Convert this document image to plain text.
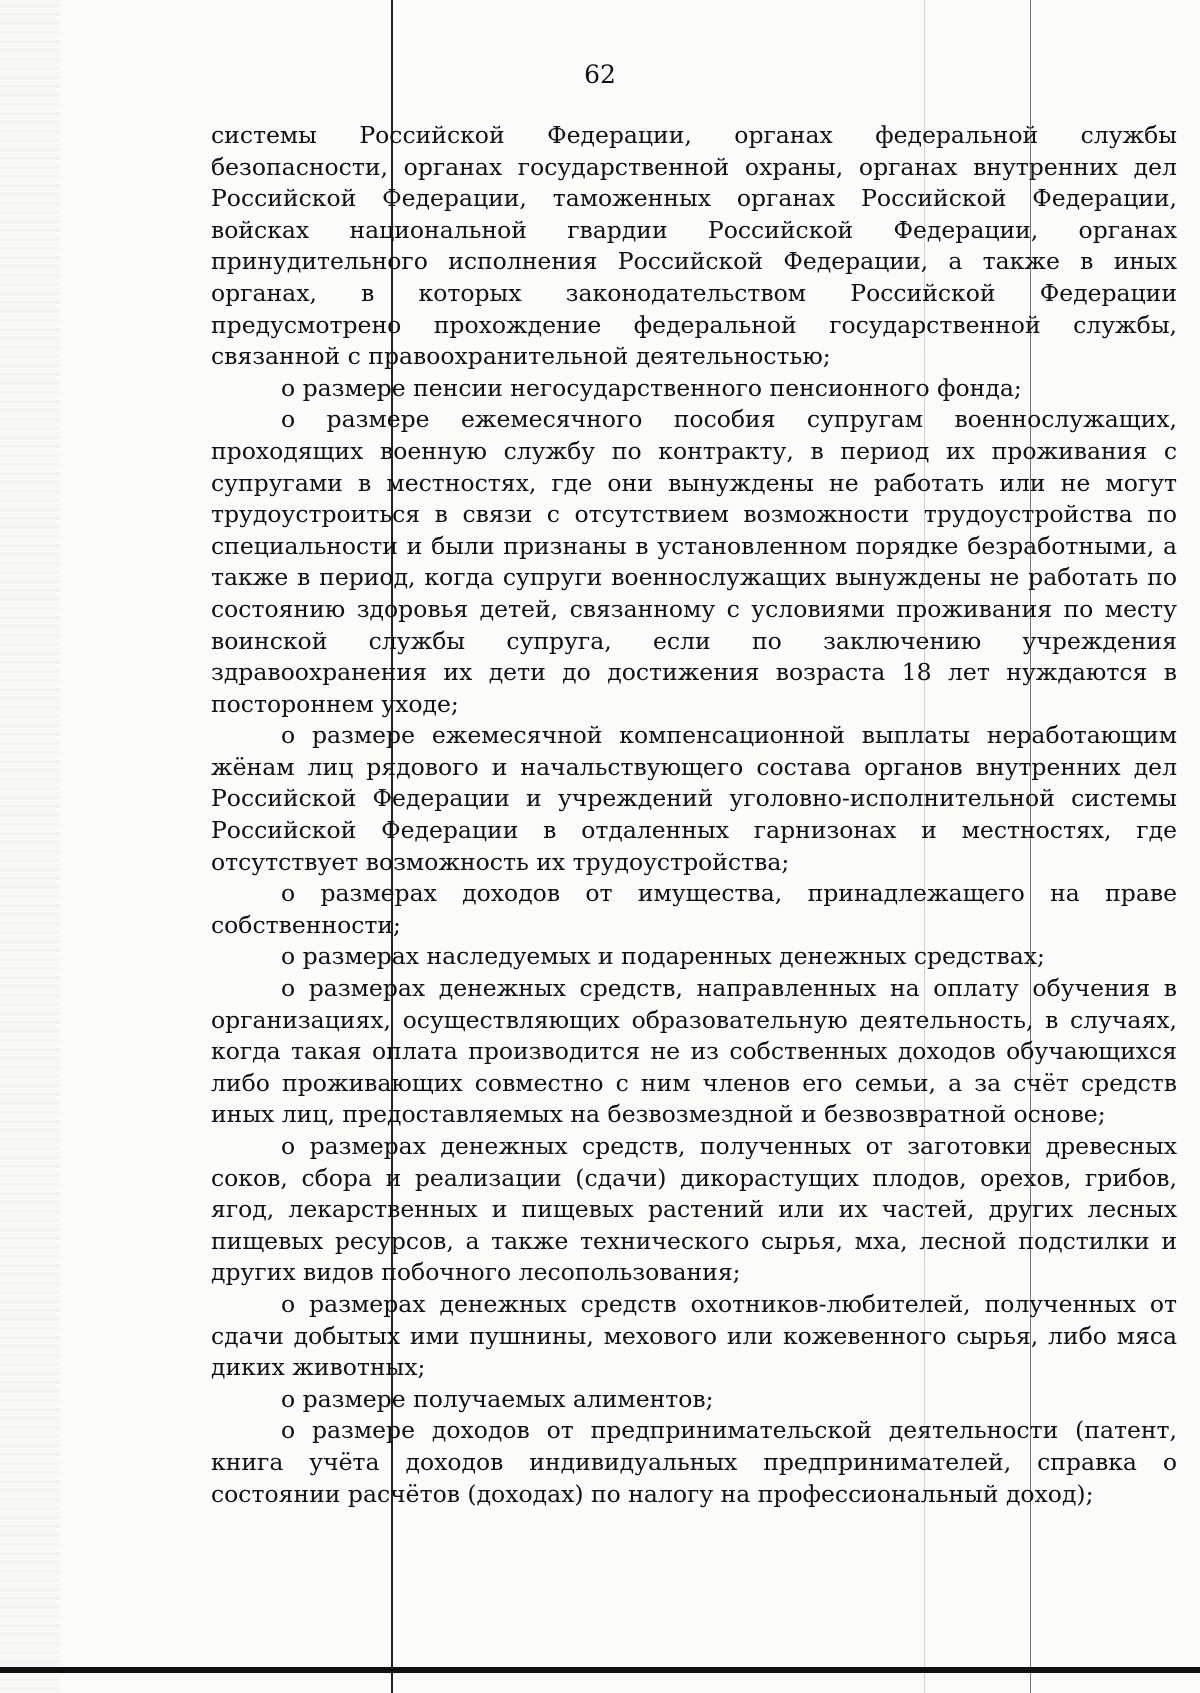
62

системы Российской Федерации, органах федеральной службы безопасности, органах государственной охраны, органах внутренних дел Российской Федерации, таможенных органах Российской Федерации, войсках национальной гвардии Российской Федерации, органах принудительного исполнения Российской Федерации, а также в иных органах, в которых законодательством Российской Федерации предусмотрено прохождение федеральной государственной службы, связанной с правоохранительной деятельностью;

о размере пенсии негосударственного пенсионного фонда;

о размере ежемесячного пособия супругам военнослужащих, проходящих военную службу по контракту, в период их проживания с супругами в местностях, где они вынуждены не работать или не могут трудоустроиться в связи с отсутствием возможности трудоустройства по специальности и были признаны в установленном порядке безработными, а также в период, когда супруги военнослужащих вынуждены не работать по состоянию здоровья детей, связанному с условиями проживания по месту воинской службы супруга, если по заключению учреждения здравоохранения их дети до достижения возраста 18 лет нуждаются в постороннем уходе;

о размере ежемесячной компенсационной выплаты неработающим жёнам лиц рядового и начальствующего состава органов внутренних дел Российской Федерации и учреждений уголовно-исполнительной системы Российской Федерации в отдаленных гарнизонах и местностях, где отсутствует возможность их трудоустройства;

о размерах доходов от имущества, принадлежащего на праве собственности;

о размерах наследуемых и подаренных денежных средствах;

о размерах денежных средств, направленных на оплату обучения в организациях, осуществляющих образовательную деятельность, в случаях, когда такая оплата производится не из собственных доходов обучающихся либо проживающих совместно с ним членов его семьи, а за счёт средств иных лиц, предоставляемых на безвозмездной и безвозвратной основе;

о размерах денежных средств, полученных от заготовки древесных соков, сбора и реализации (сдачи) дикорастущих плодов, орехов, грибов, ягод, лекарственных и пищевых растений или их частей, других лесных пищевых ресурсов, а также технического сырья, мха, лесной подстилки и других видов побочного лесопользования;

о размерах денежных средств охотников-любителей, полученных от сдачи добытых ими пушнины, мехового или кожевенного сырья, либо мяса диких животных;

о размере получаемых алиментов;

о размере доходов от предпринимательской деятельности (патент, книга учёта доходов индивидуальных предпринимателей, справка о состоянии расчётов (доходах) по налогу на профессиональный доход);
